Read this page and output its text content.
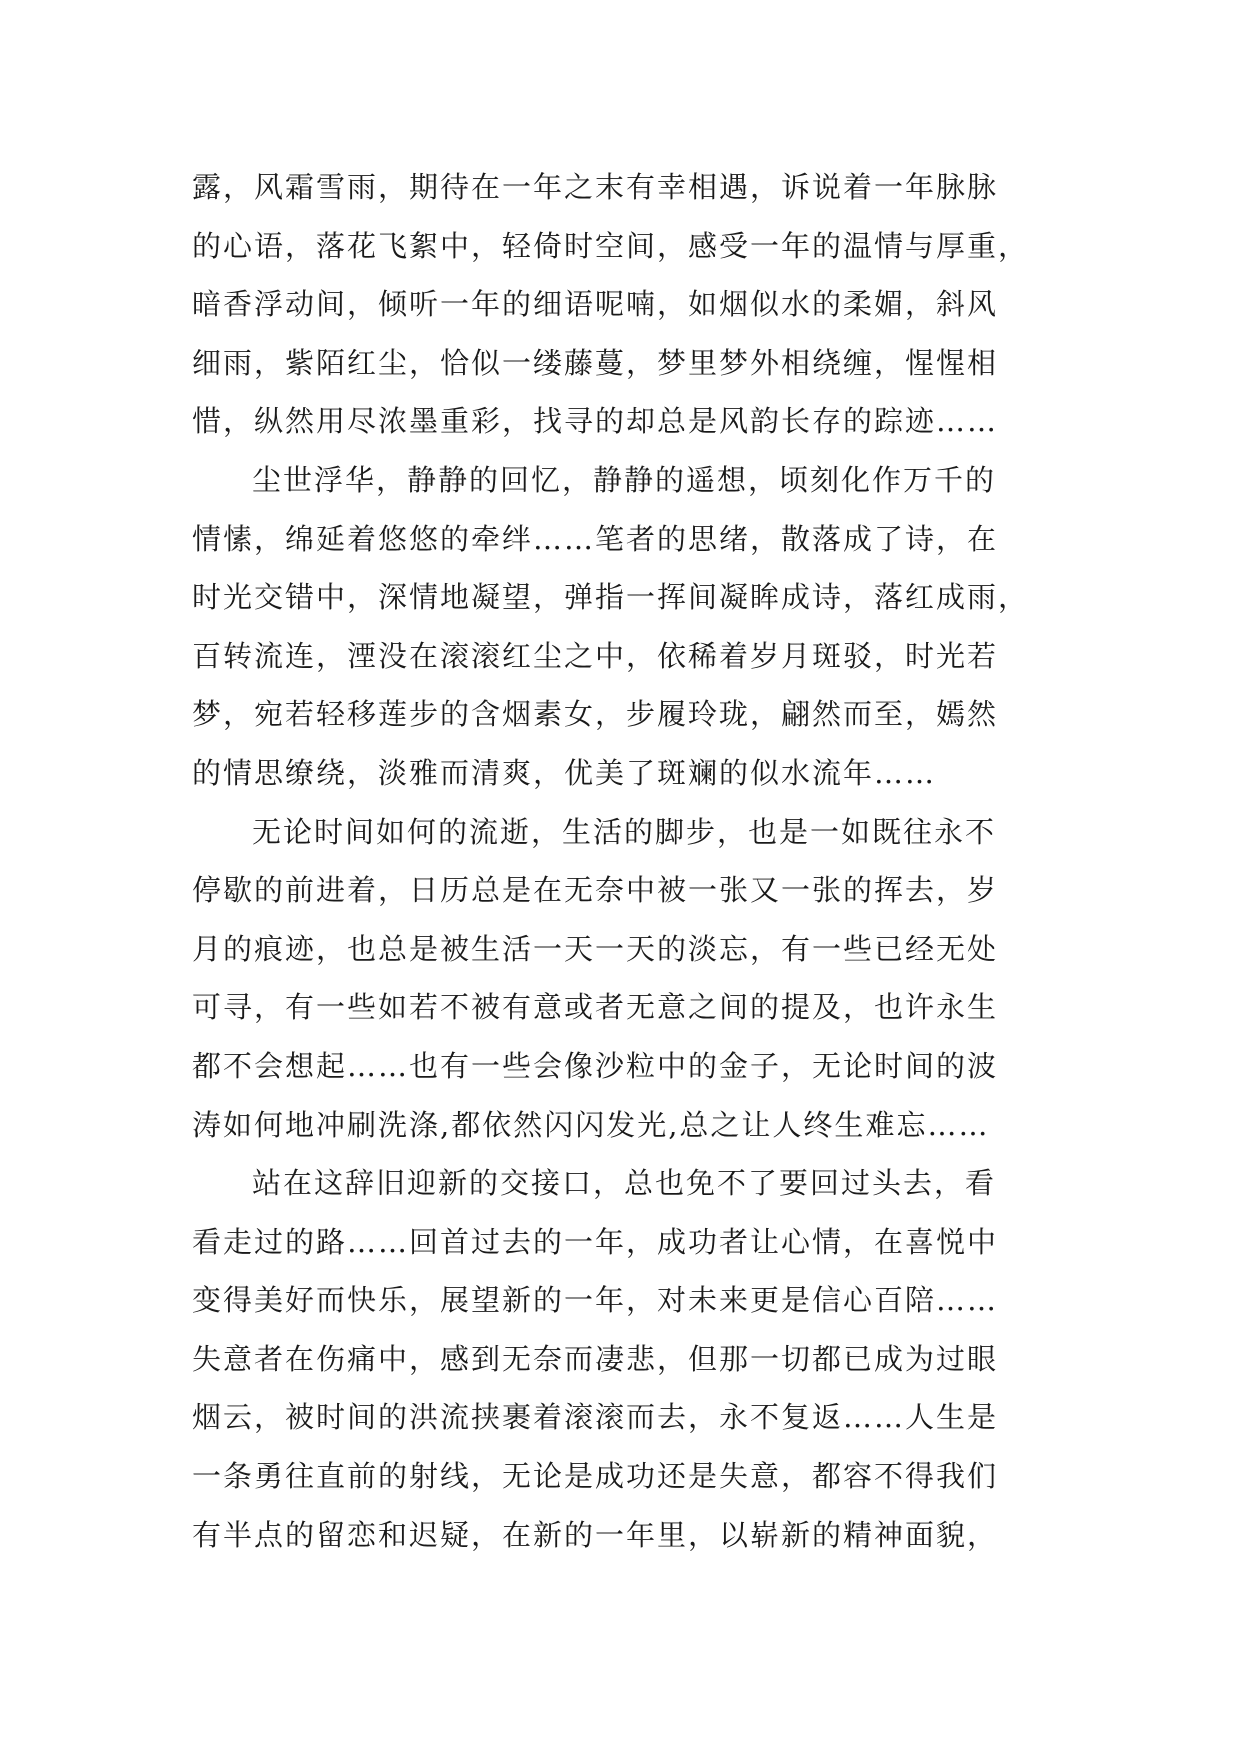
露，风霜雪雨，期待在一年之末有幸相遇，诉说着一年脉脉
的心语，落花飞絮中，轻倚时空间，感受一年的温情与厚重，
暗香浮动间，倾听一年的细语呢喃，如烟似水的柔媚，斜风
细雨，紫陌红尘，恰似一缕藤蔓，梦里梦外相绕缠，惺惺相
惜，纵然用尽浓墨重彩，找寻的却总是风韵长存的踪迹……
尘世浮华，静静的回忆，静静的遥想，顷刻化作万千的
情愫，绵延着悠悠的牵绊……笔者的思绪，散落成了诗，在
时光交错中，深情地凝望，弹指一挥间凝眸成诗，落红成雨，
百转流连，湮没在滚滚红尘之中，依稀着岁月斑驳，时光若
梦，宛若轻移莲步的含烟素女，步履玲珑，翩然而至，嫣然
的情思缭绕，淡雅而清爽，优美了斑斓的似水流年……
无论时间如何的流逝，生活的脚步，也是一如既往永不
停歇的前进着，日历总是在无奈中被一张又一张的挥去，岁
月的痕迹，也总是被生活一天一天的淡忘，有一些已经无处
可寻，有一些如若不被有意或者无意之间的提及，也许永生
都不会想起……也有一些会像沙粒中的金子，无论时间的波
涛如何地冲刷洗涤,都依然闪闪发光,总之让人终生难忘……
站在这辞旧迎新的交接口，总也免不了要回过头去，看
看走过的路……回首过去的一年，成功者让心情，在喜悦中
变得美好而快乐，展望新的一年，对未来更是信心百陪……
失意者在伤痛中，感到无奈而凄悲，但那一切都已成为过眼
烟云，被时间的洪流挟裹着滚滚而去，永不复返……人生是
一条勇往直前的射线，无论是成功还是失意，都容不得我们
有半点的留恋和迟疑，在新的一年里，以崭新的精神面貌，
